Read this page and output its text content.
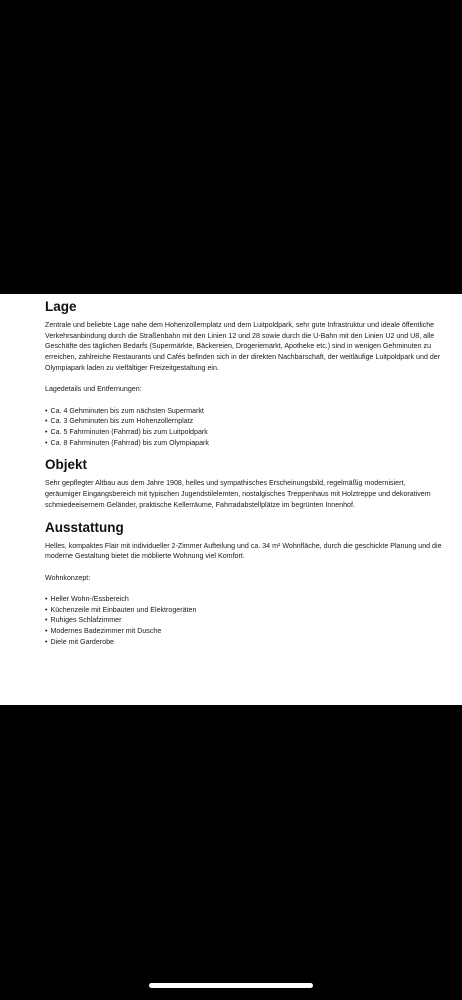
Lage

Zentrale und beliebte Lage nahe dem Hohenzollernplatz und dem Luitpoldpark, sehr gute Infrastruktur und ideale öffentliche Verkehrsanbindung durch die Straßenbahn mit den Linien 12 und 28 sowie durch die U-Bahn mit den Linien U2 und U8, alle Geschäfte des täglichen Bedarfs (Supermärkte, Bäckereien, Drogeriemarkt, Apotheke etc.) sind in wenigen Gehminuten zu erreichen, zahlreiche Restaurants und Cafés befinden sich in der direkten Nachbarschaft, der weitläufige Luitpoldpark und der Olympiapark laden zu vielfältiger Freizeitgestaltung ein.

Lagedetails und Entfernungen:

• Ca. 4 Gehminuten bis zum nächsten Supermarkt
• Ca. 3 Gehminuten bis zum Hohenzollernplatz
• Ca. 5 Fahrminuten (Fahrrad) bis zum Luitpoldpark
• Ca. 8 Fahrminuten (Fahrrad) bis zum Olympiapark
Objekt

Sehr gepflegter Altbau aus dem Jahre 1908, helles und sympathisches Erscheinungsbild, regelmäßig modernisiert, geräumiger Eingangsbereich mit typischen Jugendstilelemten, nostalgisches Treppenhaus mit Holztreppe und dekorativem schmiedeeisernem Geländer, praktische Kellerräume, Fahrradabstellplätze im begrünten Innenhof.

Ausstattung

Helles, kompaktes Flair mit individueller 2-Zimmer Aufteilung und ca. 34 m² Wohnfläche, durch die geschickte Planung und die moderne Gestaltung bietet die möblierte Wohnung viel Komfort.

Wohnkonzept:

• Heller Wohn-/Essbereich
• Küchenzeile mit Einbauten und Elektrogeräten
• Ruhiges Schlafzimmer
• Modernes Badezimmer mit Dusche
• Diele mit Garderobe
